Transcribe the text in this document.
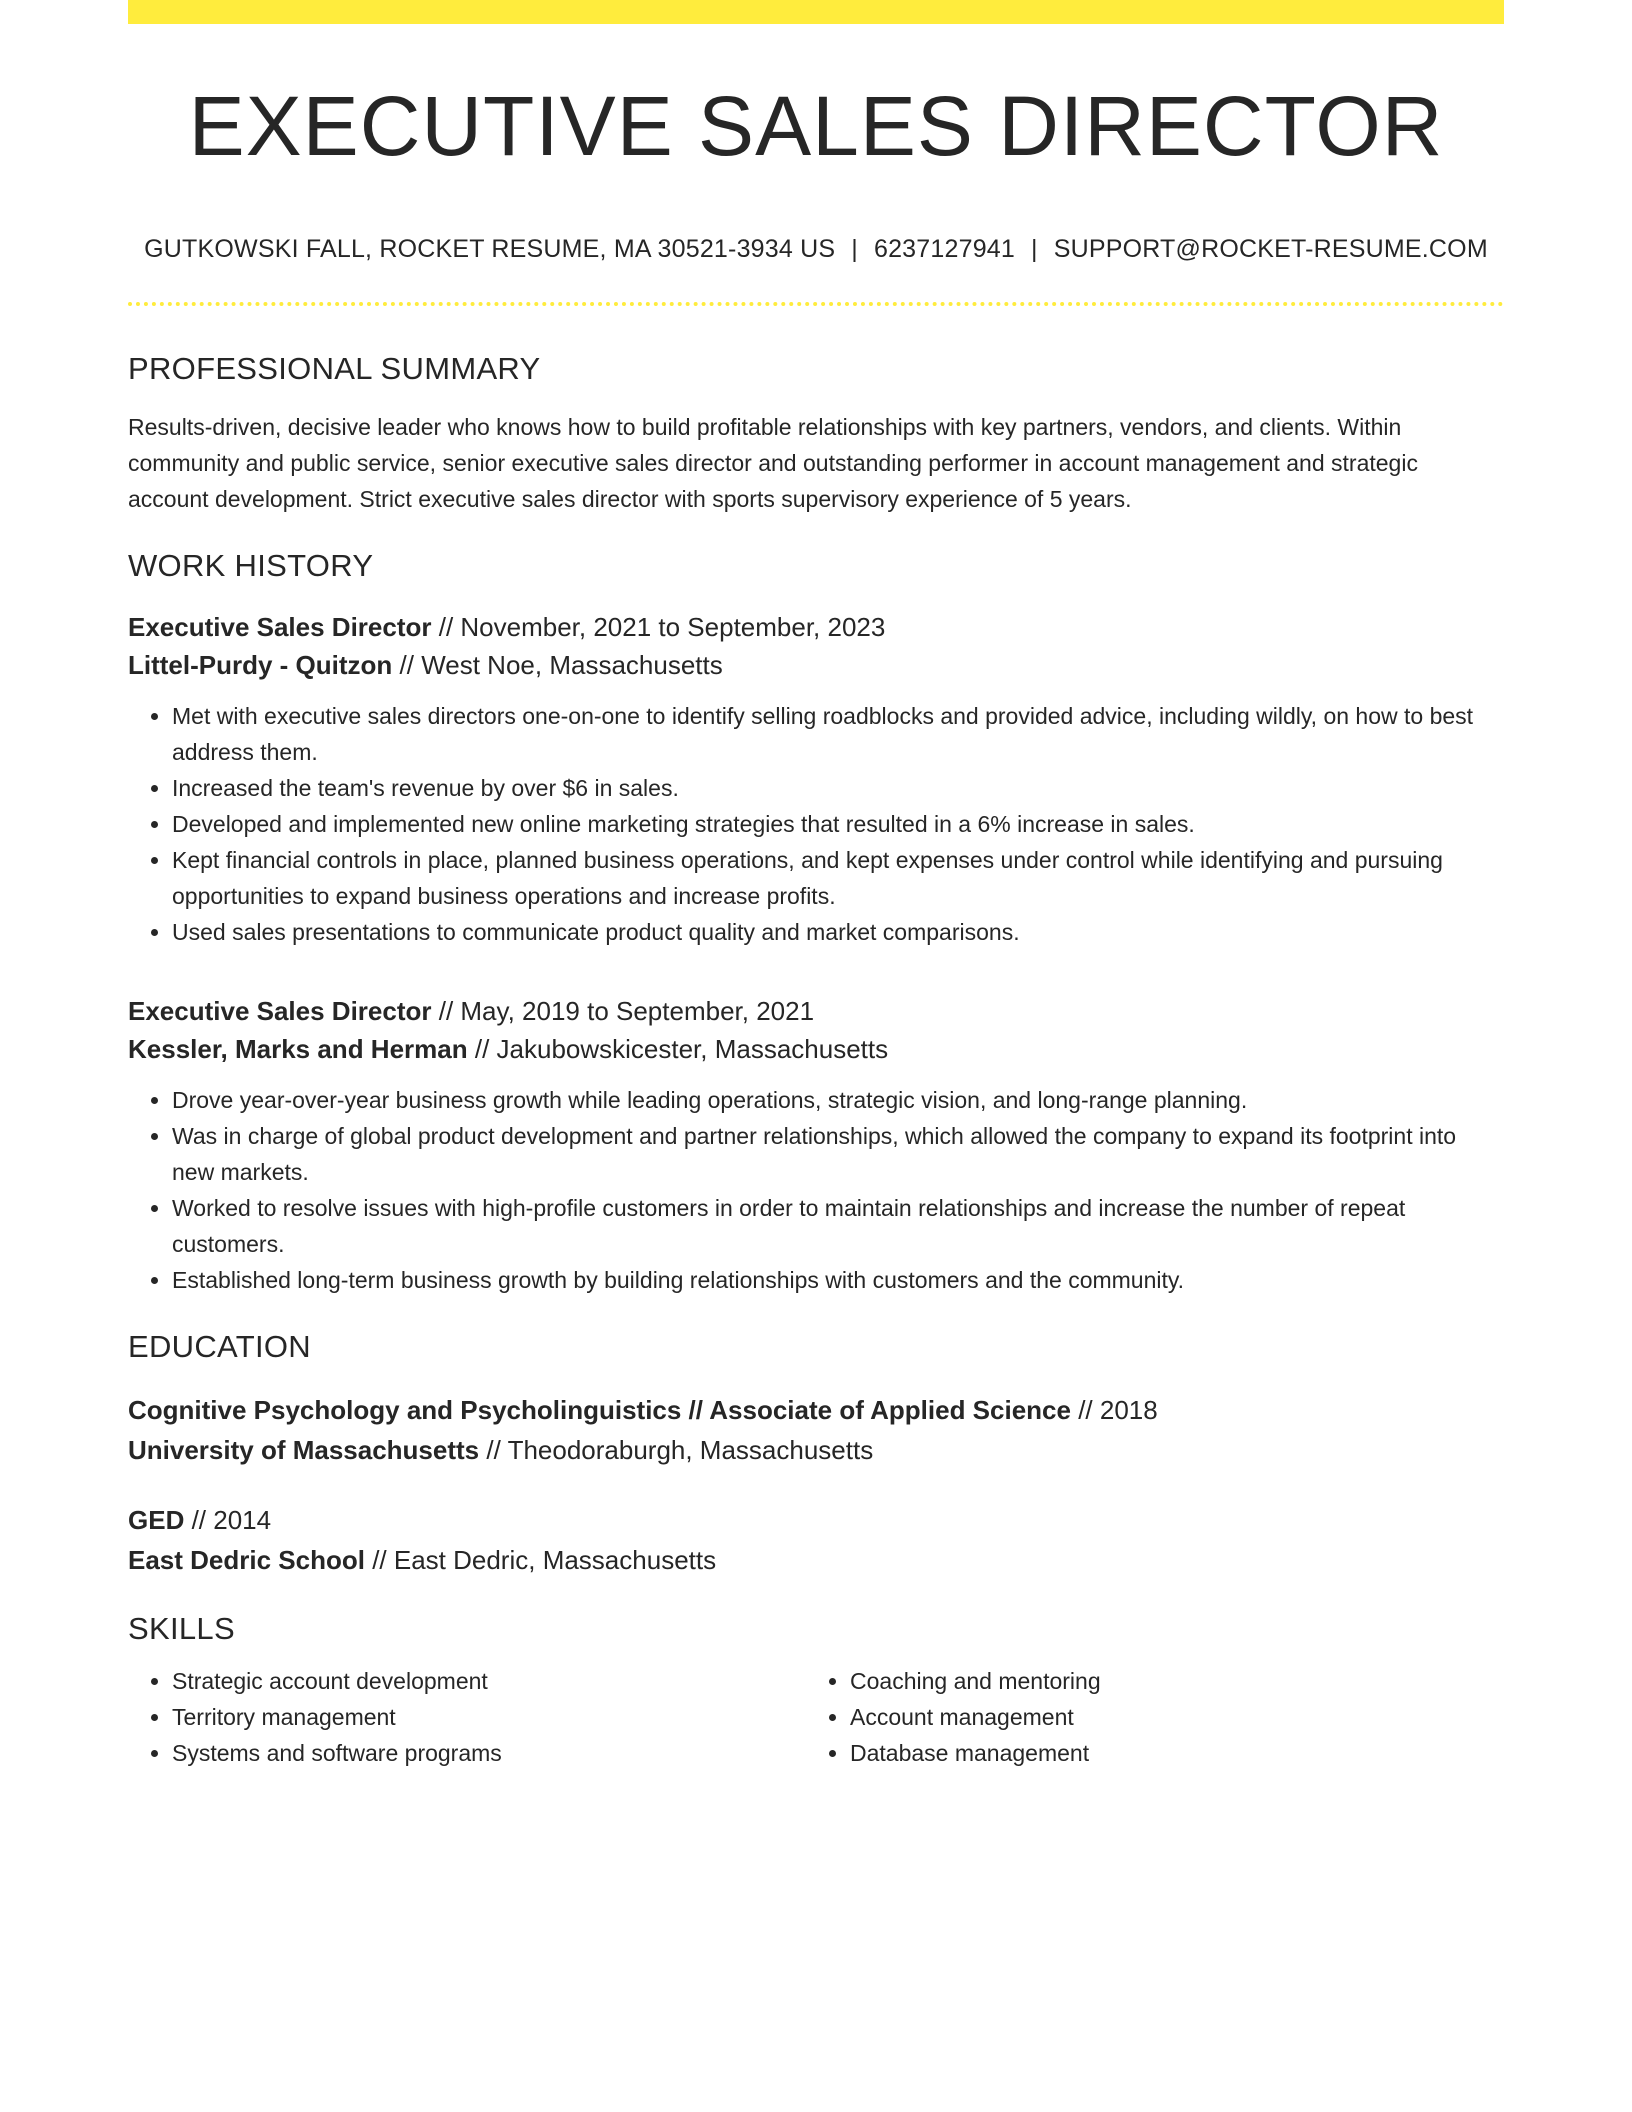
EXECUTIVE SALES DIRECTOR
GUTKOWSKI FALL, ROCKET RESUME, MA 30521-3934 US | 6237127941 | SUPPORT@ROCKET-RESUME.COM
PROFESSIONAL SUMMARY
Results-driven, decisive leader who knows how to build profitable relationships with key partners, vendors, and clients. Within community and public service, senior executive sales director and outstanding performer in account management and strategic account development. Strict executive sales director with sports supervisory experience of 5 years.
WORK HISTORY
Executive Sales Director // November, 2021 to September, 2023
Littel-Purdy - Quitzon // West Noe, Massachusetts
• Met with executive sales directors one-on-one to identify selling roadblocks and provided advice, including wildly, on how to best address them.
• Increased the team's revenue by over $6 in sales.
• Developed and implemented new online marketing strategies that resulted in a 6% increase in sales.
• Kept financial controls in place, planned business operations, and kept expenses under control while identifying and pursuing opportunities to expand business operations and increase profits.
• Used sales presentations to communicate product quality and market comparisons.
Executive Sales Director // May, 2019 to September, 2021
Kessler, Marks and Herman // Jakubowskicester, Massachusetts
• Drove year-over-year business growth while leading operations, strategic vision, and long-range planning.
• Was in charge of global product development and partner relationships, which allowed the company to expand its footprint into new markets.
• Worked to resolve issues with high-profile customers in order to maintain relationships and increase the number of repeat customers.
• Established long-term business growth by building relationships with customers and the community.
EDUCATION
Cognitive Psychology and Psycholinguistics // Associate of Applied Science // 2018
University of Massachusetts // Theodoraburgh, Massachusetts
GED // 2014
East Dedric School // East Dedric, Massachusetts
SKILLS
• Strategic account development
• Territory management
• Systems and software programs
• Coaching and mentoring
• Account management
• Database management
